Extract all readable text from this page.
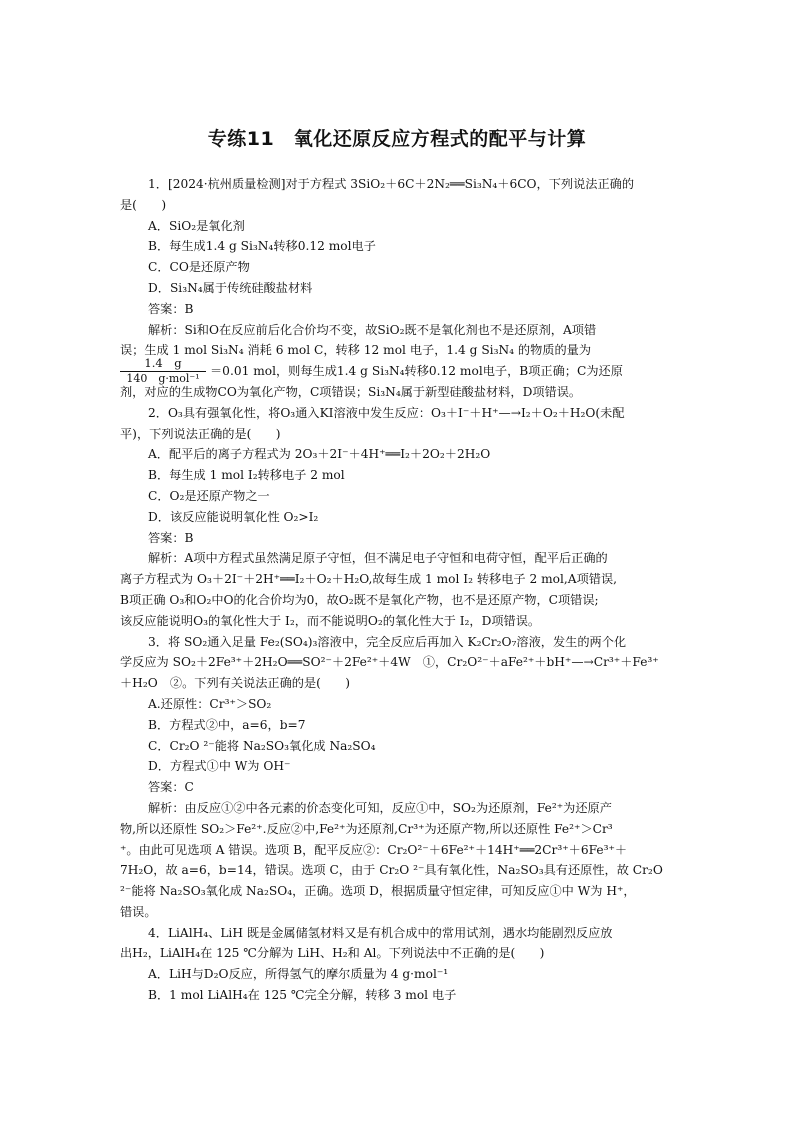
专练11　氧化还原反应方程式的配平与计算
1．[2024·杭州质量检测]对于方程式 3SiO₂＋6C＋2N₂══Si₃N₄＋6CO，下列说法正确的
是(　　)
A．SiO₂是氧化剂
B．每生成1.4 g Si₃N₄转移0.12 mol电子
C．CO是还原产物
D．Si₃N₄属于传统硅酸盐材料
答案：B
解析：Si和O在反应前后化合价均不变，故SiO₂既不是氧化剂也不是还原剂，A项错
误；生成 1 mol Si₃N₄ 消耗 6 mol C，转移 12 mol 电子，1.4 g Si₃N₄ 的物质的量为
1.4　g
140　g·mol⁻¹
＝0.01 mol，则每生成1.4 g Si₃N₄转移0.12 mol电子，B项正确；C为还原
剂，对应的生成物CO为氧化产物，C项错误；Si₃N₄属于新型硅酸盐材料，D项错误。
2．O₃具有强氧化性，将O₃通入KI溶液中发生反应：O₃＋I⁻＋H⁺—→I₂＋O₂＋H₂O(未配
平)，下列说法正确的是(　　)
A．配平后的离子方程式为 2O₃＋2I⁻＋4H⁺══I₂＋2O₂＋2H₂O
B．每生成 1 mol I₂转移电子 2 mol
C．O₂是还原产物之一
D．该反应能说明氧化性 O₂>I₂
答案：B
解析：A项中方程式虽然满足原子守恒，但不满足电子守恒和电荷守恒，配平后正确的
离子方程式为 O₃＋2I⁻＋2H⁺══I₂＋O₂＋H₂O,故每生成 1 mol I₂ 转移电子 2 mol,A项错误,
B项正确 O₃和O₂中O的化合价均为0，故O₂既不是氧化产物，也不是还原产物，C项错误;
该反应能说明O₃的氧化性大于 I₂，而不能说明O₂的氧化性大于 I₂，D项错误。
3．将 SO₂通入足量 Fe₂(SO₄)₃溶液中，完全反应后再加入 K₂Cr₂O₇溶液，发生的两个化
学反应为 SO₂＋2Fe³⁺＋2H₂O══SO²⁻＋2Fe²⁺＋4W　①，Cr₂O²⁻＋aFe²⁺＋bH⁺—→Cr³⁺＋Fe³⁺
＋H₂O　②。下列有关说法正确的是(　　)
A.还原性：Cr³⁺＞SO₂
B．方程式②中，a=6，b=7
C．Cr₂O ²⁻能将 Na₂SO₃氧化成 Na₂SO₄
D．方程式①中 W为 OH⁻
答案：C
解析：由反应①②中各元素的价态变化可知，反应①中，SO₂为还原剂，Fe²⁺为还原产
物,所以还原性 SO₂＞Fe²⁺.反应②中,Fe²⁺为还原剂,Cr³⁺为还原产物,所以还原性 Fe²⁺＞Cr³
⁺。由此可见选项 A 错误。选项 B，配平反应②：Cr₂O²⁻＋6Fe²⁺＋14H⁺══2Cr³⁺＋6Fe³⁺＋
7H₂O，故 a=6，b=14，错误。选项 C，由于 Cr₂O ²⁻具有氧化性，Na₂SO₃具有还原性，故 Cr₂O
²⁻能将 Na₂SO₃氧化成 Na₂SO₄，正确。选项 D，根据质量守恒定律，可知反应①中 W为 H⁺，
错误。
4．LiAlH₄、LiH 既是金属储氢材料又是有机合成中的常用试剂，遇水均能剧烈反应放
出H₂，LiAlH₄在 125 ℃分解为 LiH、H₂和 Al。下列说法中不正确的是(　　)
A．LiH与D₂O反应，所得氢气的摩尔质量为 4 g·mol⁻¹
B．1 mol LiAlH₄在 125 ℃完全分解，转移 3 mol 电子
